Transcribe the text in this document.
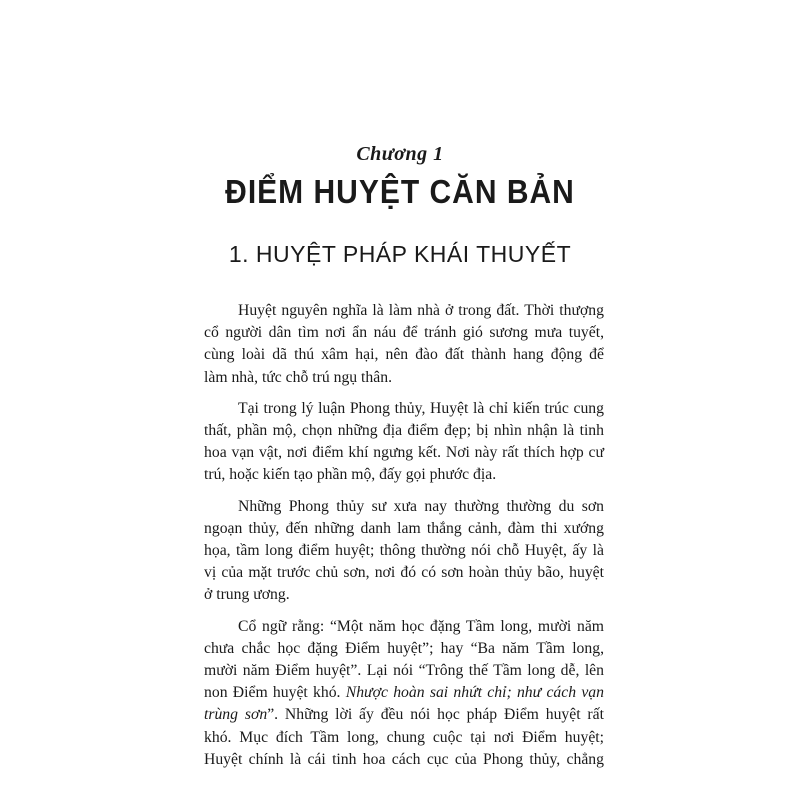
Chương 1
ĐIỂM HUYỆT CĂN BẢN
1. HUYỆT PHÁP KHÁI THUYẾT

Huyệt nguyên nghĩa là làm nhà ở trong đất. Thời thượng
cổ người dân tìm nơi ẩn náu để tránh gió sương mưa tuyết,
cùng loài dã thú xâm hại, nên đào đất thành hang động để
làm nhà, tức chỗ trú ngụ thân.

Tại trong lý luận Phong thủy, Huyệt là chỉ kiến trúc cung
thất, phần mộ, chọn những địa điểm đẹp; bị nhìn nhận là tinh
hoa vạn vật, nơi điểm khí ngưng kết. Nơi này rất thích hợp cư
trú, hoặc kiến tạo phần mộ, đấy gọi phước địa.

Những Phong thủy sư xưa nay thường thường du sơn
ngoạn thủy, đến những danh lam thắng cảnh, đàm thi xướng
họa, tầm long điểm huyệt; thông thường nói chỗ Huyệt, ấy là
vị của mặt trước chủ sơn, nơi đó có sơn hoàn thủy bão, huyệt
ở trung ương.

Cổ ngữ rằng: “Một năm học đặng Tầm long, mười năm
chưa chắc học đặng Điểm huyệt”; hay “Ba năm Tầm long,
mười năm Điểm huyệt”. Lại nói “Trông thế Tầm long dễ, lên
non Điểm huyệt khó. Nhược hoàn sai nhứt chỉ; như cách vạn
trùng sơn”. Những lời ấy đều nói học pháp Điểm huyệt rất
khó. Mục đích Tầm long, chung cuộc tại nơi Điểm huyệt;
Huyệt chính là cái tinh hoa cách cục của Phong thủy, chẳng
